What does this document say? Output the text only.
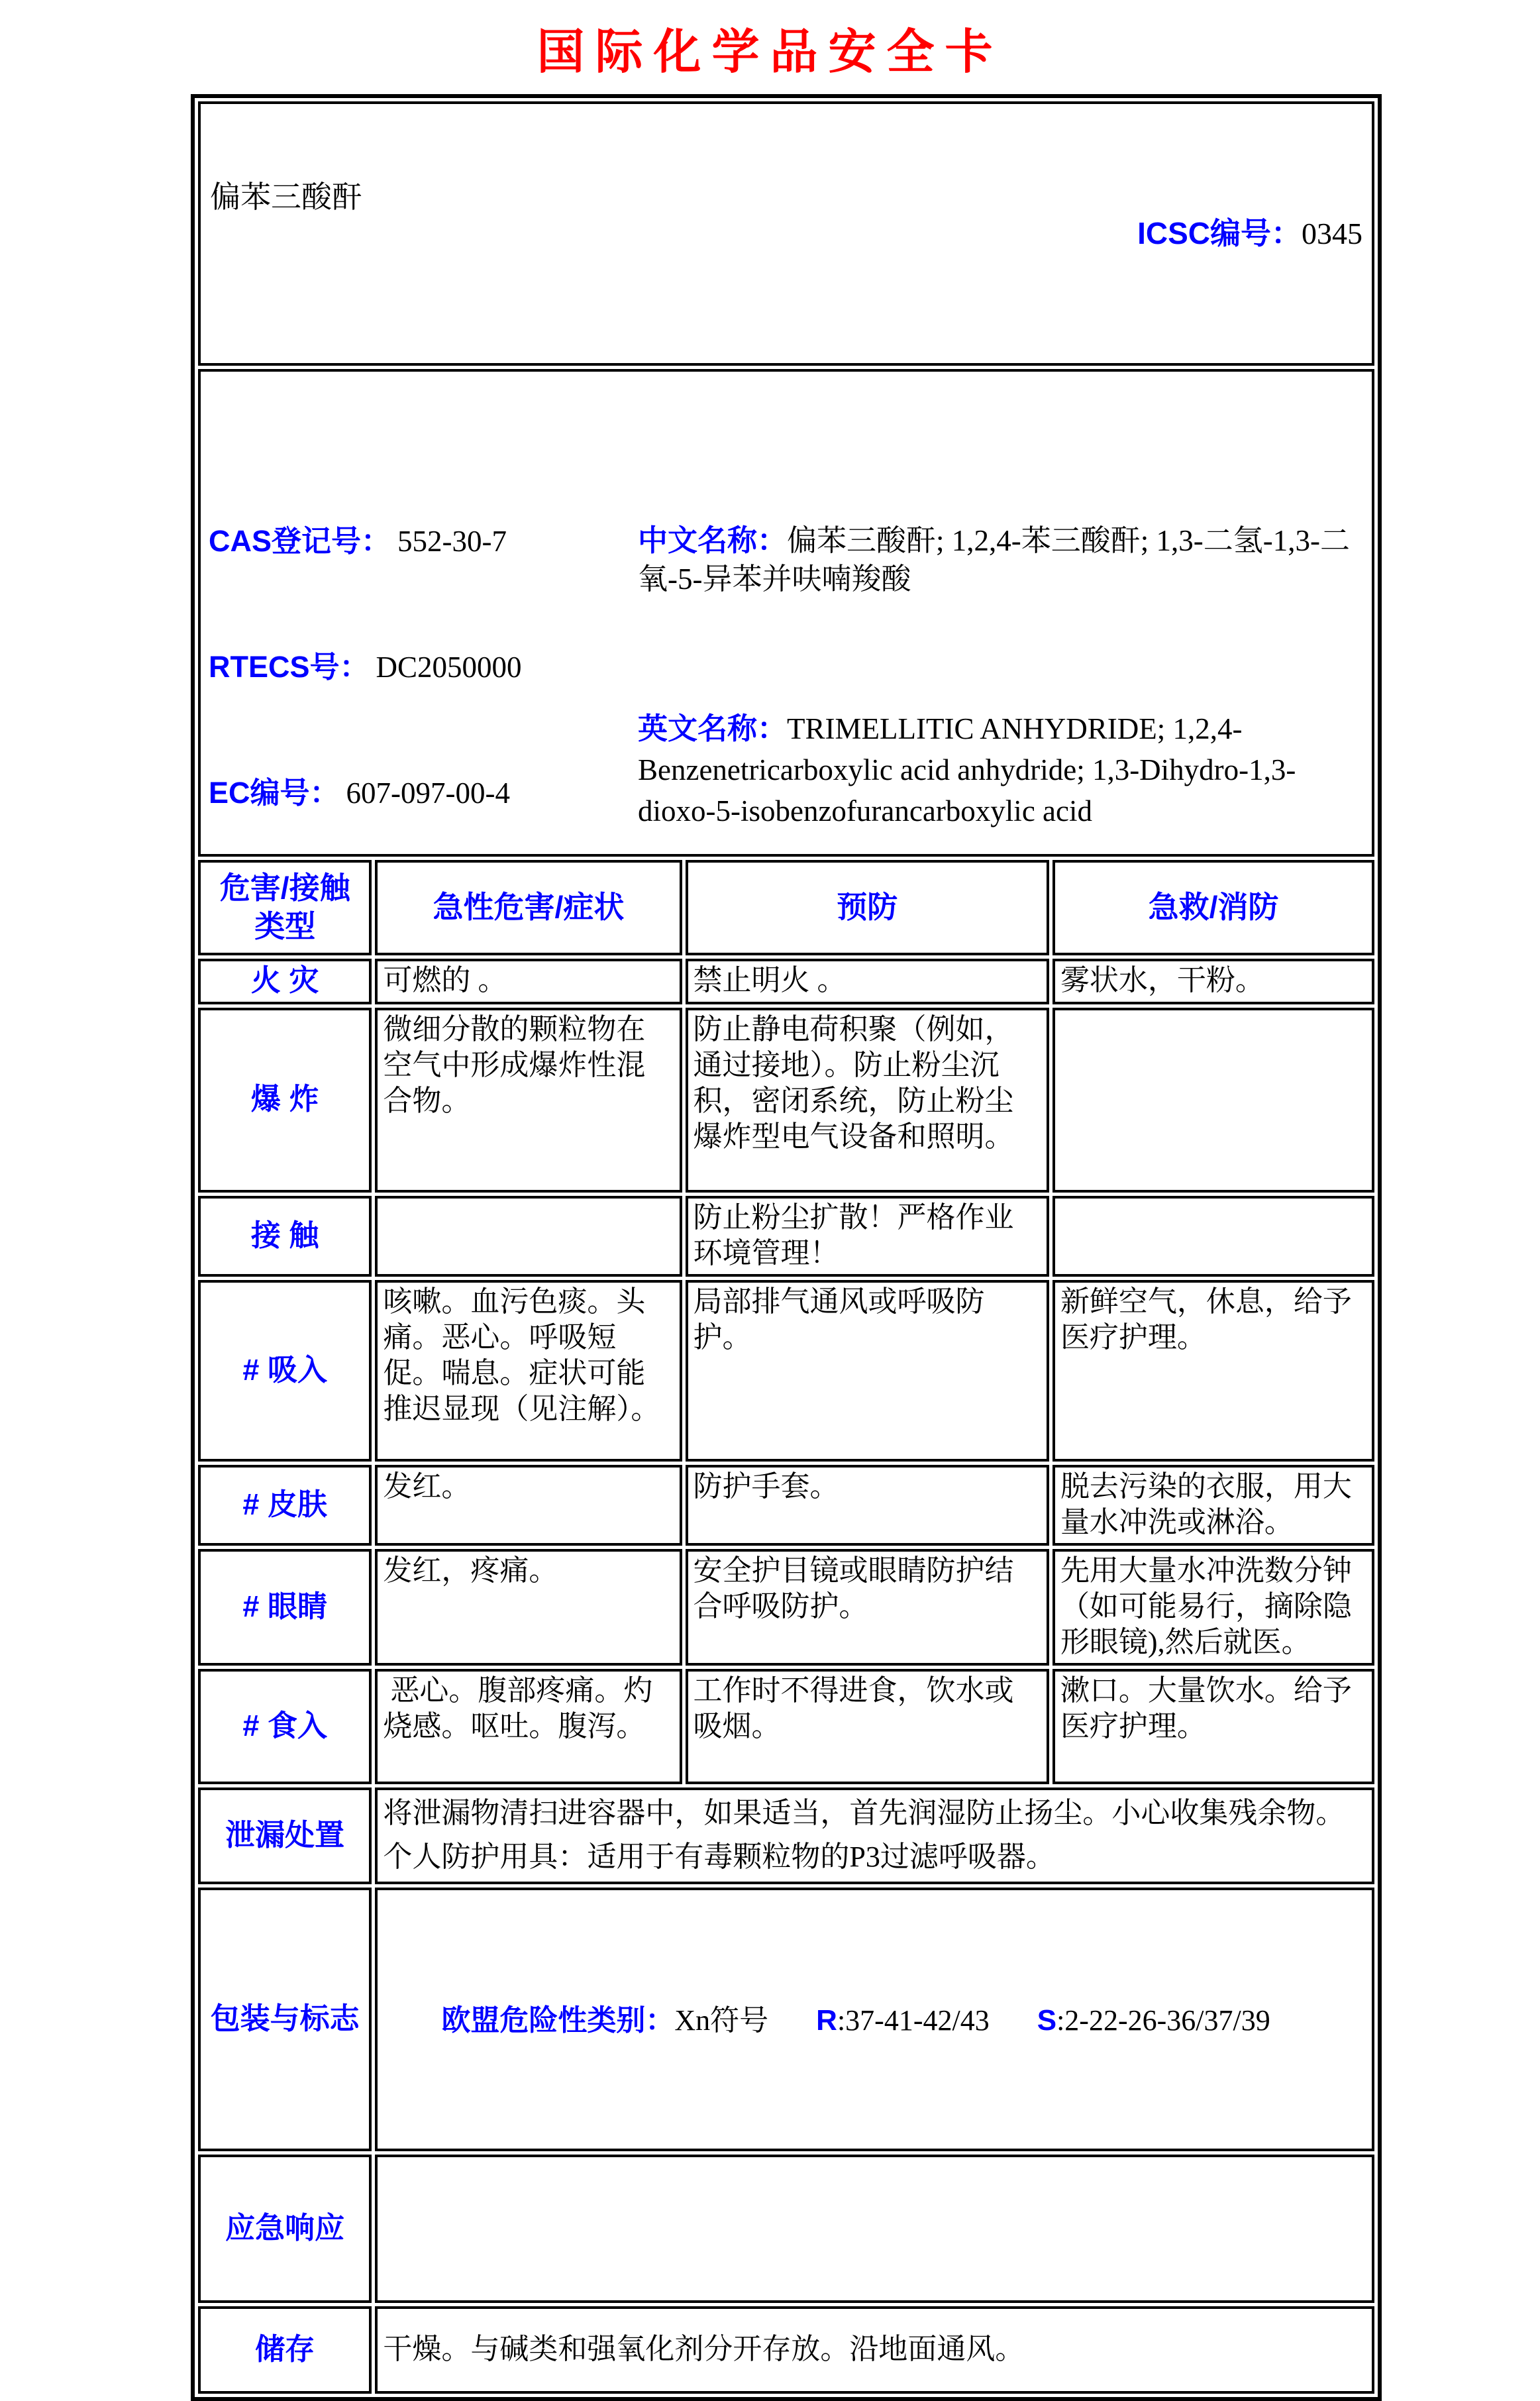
国际化学品安全卡

偏苯三酸酐

ICSC编号：0345			

CAS登记号： 552-30-7

RTECS号： DC2050000

EC编号： 607-097-00-4

中文名称：偏苯三酸酐; 1,2,4-苯三酸酐; 1,3-二氢-1,3-二氧-5-异苯并呋喃羧酸

英文名称：TRIMELLITIC ANHYDRIDE; 1,2,4-Benzenetricarboxylic acid anhydride; 1,3-Dihydro-1,3-dioxo-5-isobenzofurancarboxylic acid

危害/接触类型	急性危害/症状	预防	急救/消防
火 灾	可燃的 。	禁止明火 。	雾状水，干粉。
爆 炸	微细分散的颗粒物在空气中形成爆炸性混合物。	防止静电荷积聚（例如，通过接地）。防止粉尘沉积，密闭系统，防止粉尘爆炸型电气设备和照明。	
接 触		防止粉尘扩散！严格作业环境管理！	
# 吸入	咳嗽。血污色痰。头痛。恶心。呼吸短促。喘息。症状可能推迟显现（见注解）。	局部排气通风或呼吸防护。	新鲜空气，休息，给予医疗护理。
# 皮肤	发红。	防护手套。	脱去污染的衣服，用大量水冲洗或淋浴。
# 眼睛	发红，疼痛。	安全护目镜或眼睛防护结合呼吸防护。	先用大量水冲洗数分钟（如可能易行，摘除隐形眼镜),然后就医。
# 食入	恶心。腹部疼痛。灼烧感。呕吐。腹泻。	工作时不得进食，饮水或吸烟。	漱口。大量饮水。给予医疗护理。
泄漏处置	将泄漏物清扫进容器中，如果适当，首先润湿防止扬尘。小心收集残余物。个人防护用具：适用于有毒颗粒物的P3过滤呼吸器。		
包装与标志	欧盟危险性类别：Xn符号 R:37-41-42/43 S:2-22-26-36/37/39		

应急响应			
储存	干燥。与碱类和强氧化剂分开存放。沿地面通风。		
